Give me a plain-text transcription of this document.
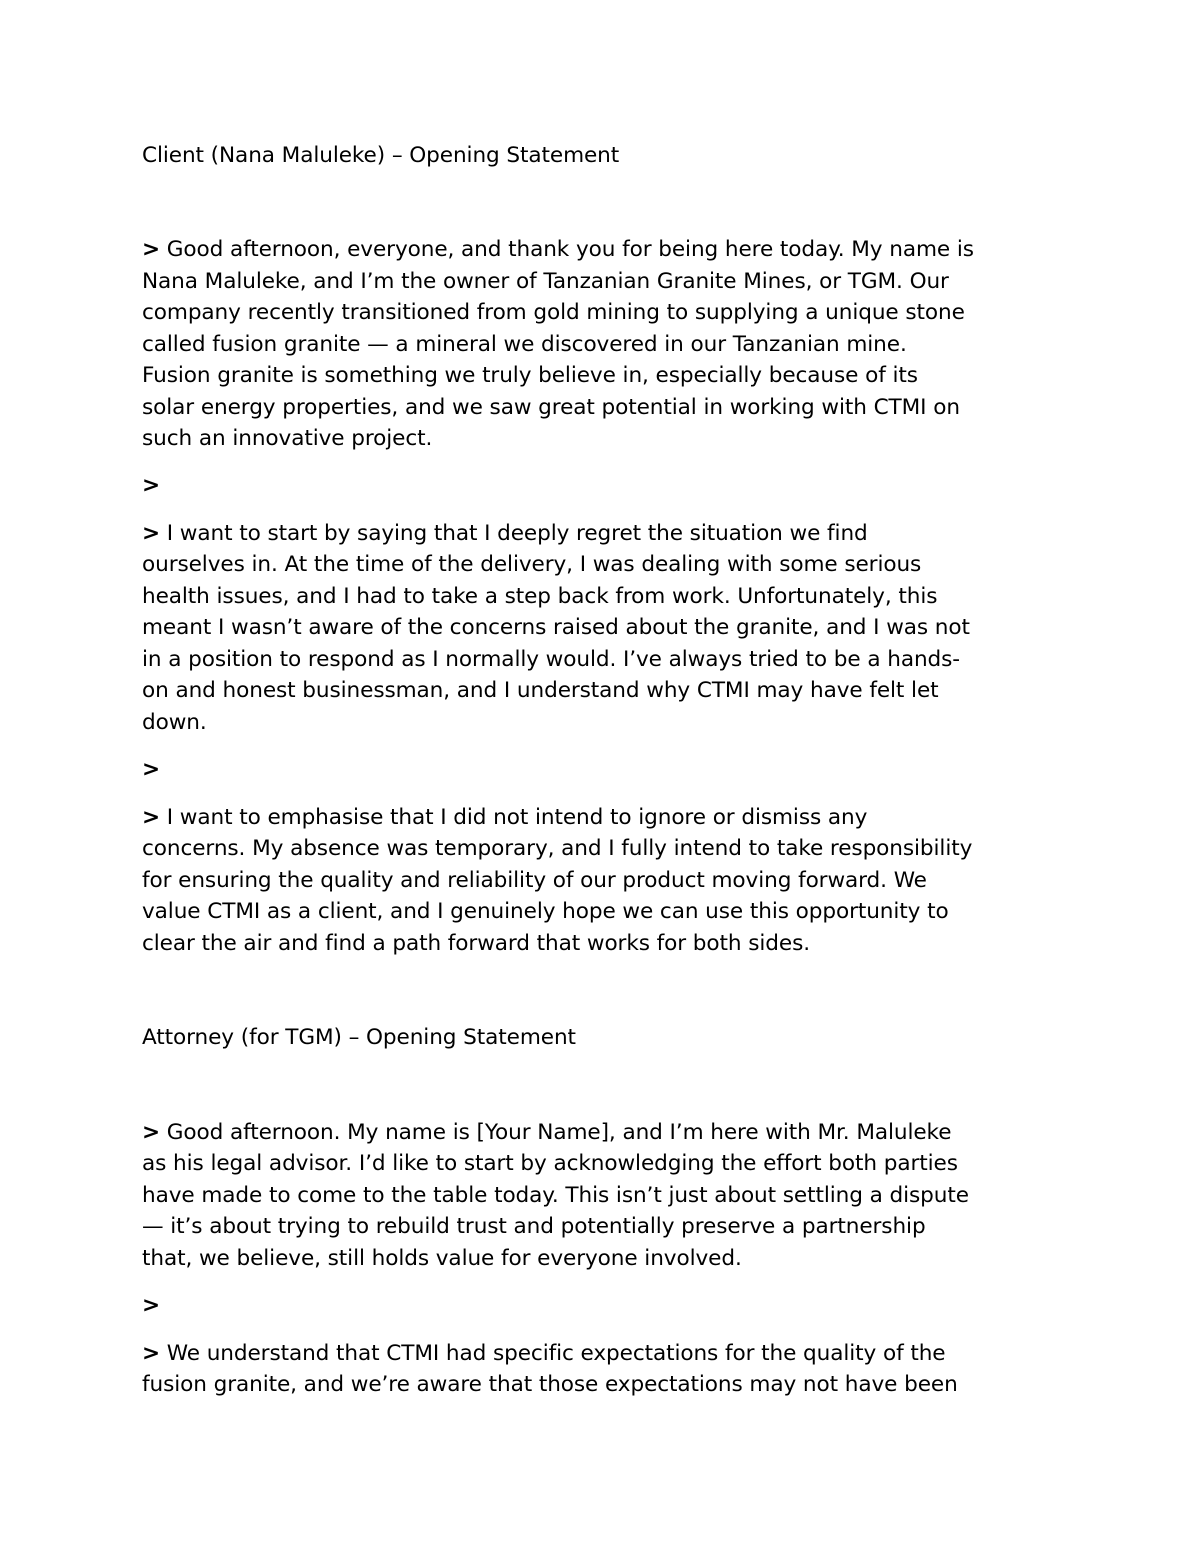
Client (Nana Maluleke) – Opening Statement
> Good afternoon, everyone, and thank you for being here today. My name is
Nana Maluleke, and I’m the owner of Tanzanian Granite Mines, or TGM. Our
company recently transitioned from gold mining to supplying a unique stone
called fusion granite — a mineral we discovered in our Tanzanian mine.
Fusion granite is something we truly believe in, especially because of its
solar energy properties, and we saw great potential in working with CTMI on
such an innovative project.
>
> I want to start by saying that I deeply regret the situation we find
ourselves in. At the time of the delivery, I was dealing with some serious
health issues, and I had to take a step back from work. Unfortunately, this
meant I wasn’t aware of the concerns raised about the granite, and I was not
in a position to respond as I normally would. I’ve always tried to be a hands-
on and honest businessman, and I understand why CTMI may have felt let
down.
>
> I want to emphasise that I did not intend to ignore or dismiss any
concerns. My absence was temporary, and I fully intend to take responsibility
for ensuring the quality and reliability of our product moving forward. We
value CTMI as a client, and I genuinely hope we can use this opportunity to
clear the air and find a path forward that works for both sides.
Attorney (for TGM) – Opening Statement
> Good afternoon. My name is [Your Name], and I’m here with Mr. Maluleke
as his legal advisor. I’d like to start by acknowledging the effort both parties
have made to come to the table today. This isn’t just about settling a dispute
— it’s about trying to rebuild trust and potentially preserve a partnership
that, we believe, still holds value for everyone involved.
>
> We understand that CTMI had specific expectations for the quality of the
fusion granite, and we’re aware that those expectations may not have been
